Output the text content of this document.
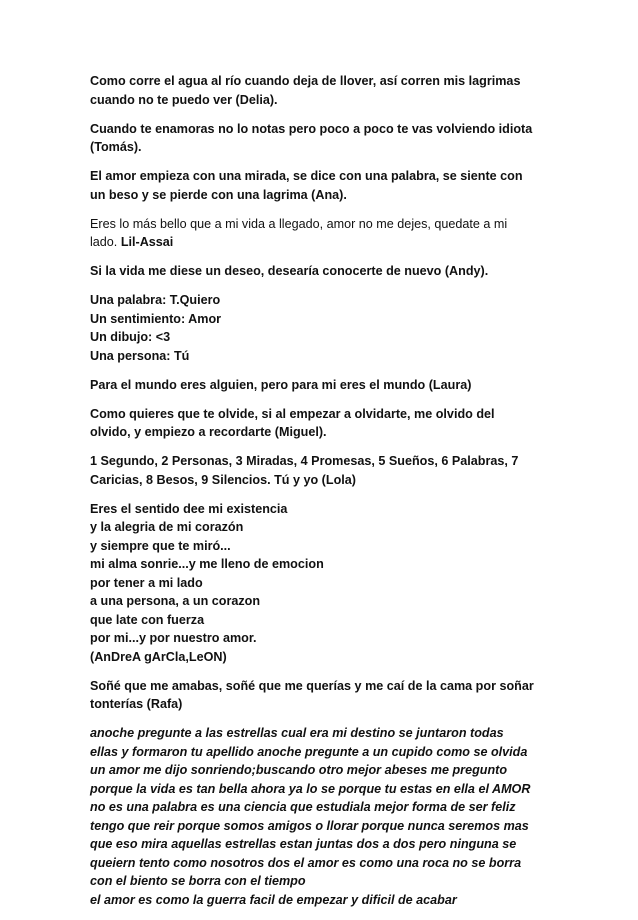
Como corre el agua al río cuando deja de llover, así corren mis lagrimas
cuando no te puedo ver (Delia).

Cuando te enamoras no lo notas pero poco a poco te vas volviendo idiota
(Tomás).

El amor empieza con una mirada, se dice con una palabra, se siente con
un beso y se pierde con una lagrima (Ana).

Eres lo más bello que a mi vida a llegado, amor no me dejes, quedate a mi
lado. Lil-Assai

Si la vida me diese un deseo, desearía conocerte de nuevo (Andy).

Una palabra: T.Quiero
Un sentimiento: Amor
Un dibujo: <3
Una persona: Tú

Para el mundo eres alguien, pero para mi eres el mundo (Laura)

Como quieres que te olvide, si al empezar a olvidarte, me olvido del
olvido, y empiezo a recordarte (Miguel).

1 Segundo, 2 Personas, 3 Miradas, 4 Promesas, 5 Sueños, 6 Palabras, 7
Caricias, 8 Besos, 9 Silencios. Tú y yo (Lola)

Eres el sentido dee mi existencia
y la alegria de mi corazón
y siempre que te miró...
mi alma sonrie...y me lleno de emocion
por tener a mi lado
a una persona, a un corazon
que late con fuerza
por mi...y por nuestro amor.
(AnDreA gArCla,LeON)

Soñé que me amabas, soñé que me querías y me caí de la cama por soñar
tonterías (Rafa)

anoche pregunte a las estrellas cual era mi destino se juntaron todas
ellas y formaron tu apellido anoche pregunte a un cupido como se olvida
un amor me dijo sonriendo;buscando otro mejor abeses me pregunto
porque la vida es tan bella ahora ya lo se porque tu estas en ella el AMOR
no es una palabra es una ciencia que estudiala mejor forma de ser feliz
tengo que reir porque somos amigos o llorar porque nunca seremos mas
que eso mira aquellas estrellas estan juntas dos a dos pero ninguna se
queiern tento como nosotros dos el amor es como una roca no se borra
con el biento se borra con el tiempo
el amor es como la guerra facil de empezar y dificil de acabar
